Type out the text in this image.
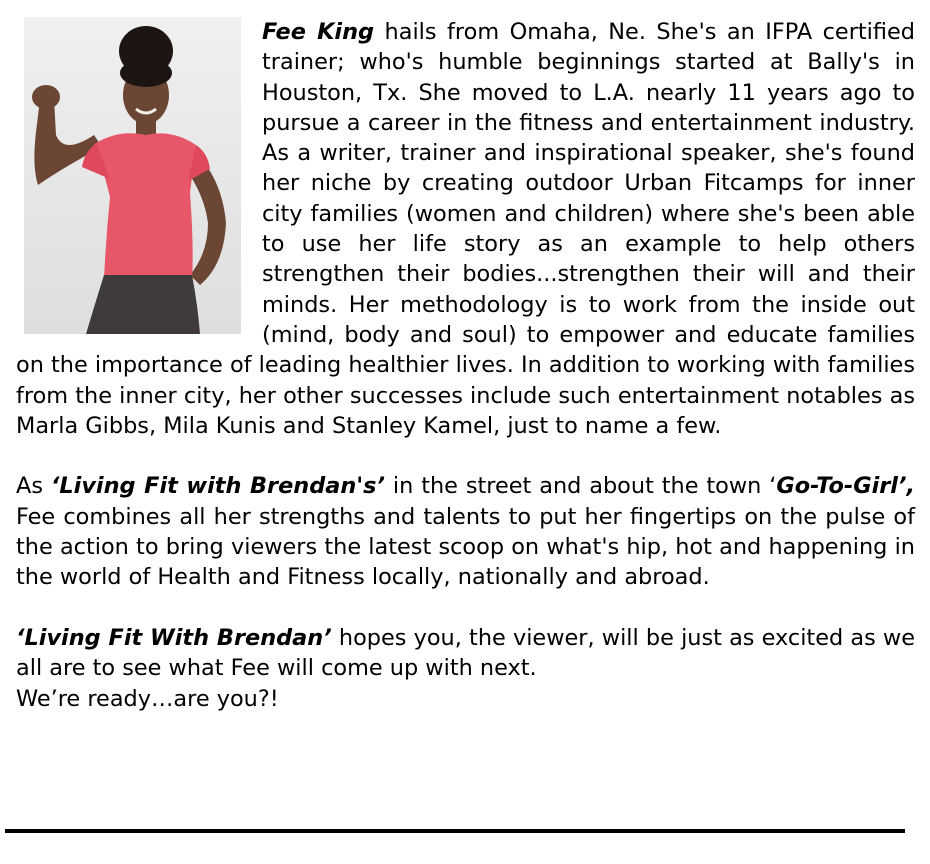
Fee King hails from Omaha, Ne. She's an IFPA certified trainer; who's humble beginnings started at Bally's in Houston, Tx. She moved to L.A. nearly 11 years ago to pursue a career in the fitness and entertainment industry. As a writer, trainer and inspirational speaker, she's found her niche by creating outdoor Urban Fitcamps for inner city families (women and children) where she's been able to use her life story as an example to help others strengthen their bodies...strengthen their will and their minds. Her methodology is to work from the inside out (mind, body and soul) to empower and educate families on the importance of leading healthier lives. In addition to working with families from the inner city, her other successes include such entertainment notables as Marla Gibbs, Mila Kunis and Stanley Kamel, just to name a few.

As ‘Living Fit with Brendan's’ in the street and about the town ‘Go-To-Girl’, Fee combines all her strengths and talents to put her fingertips on the pulse of the action to bring viewers the latest scoop on what's hip, hot and happening in the world of Health and Fitness locally, nationally and abroad.

‘Living Fit With Brendan’ hopes you, the viewer, will be just as excited as we all are to see what Fee will come up with next.
We’re ready…are you?!
